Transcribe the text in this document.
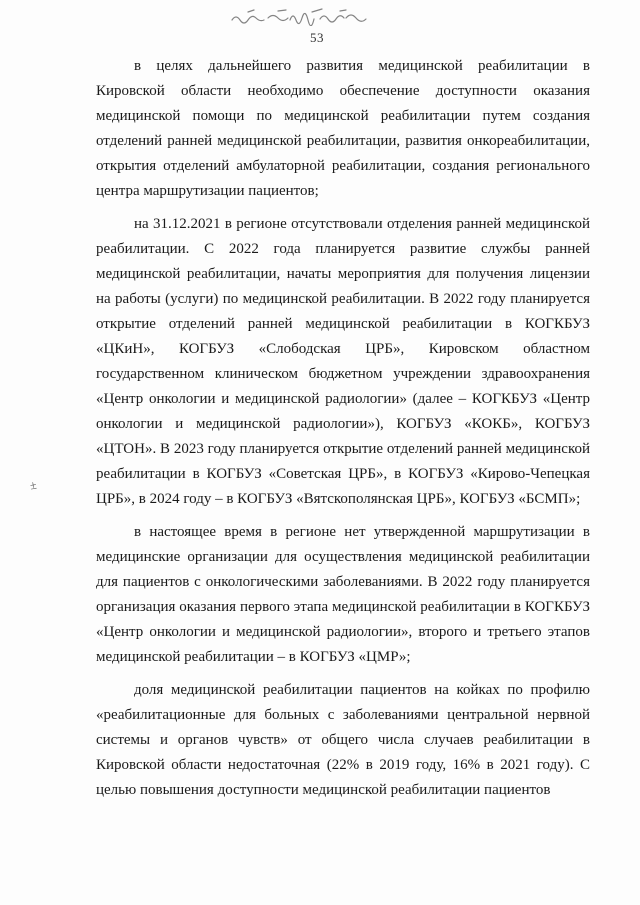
53
±

в целях дальнейшего развития медицинской реабилитации в Кировской области необходимо обеспечение доступности оказания медицинской помощи по медицинской реабилитации путем создания отделений ранней медицинской реабилитации, развития онкореабилитации, открытия отделений амбулаторной реабилитации, создания регионального центра маршрутизации пациентов;

на 31.12.2021 в регионе отсутствовали отделения ранней медицинской реабилитации. С 2022 года планируется развитие службы ранней медицинской реабилитации, начаты мероприятия для получения лицензии на работы (услуги) по медицинской реабилитации. В 2022 году планируется открытие отделений ранней медицинской реабилитации в КОГКБУЗ «ЦКиН», КОГБУЗ «Слободская ЦРБ», Кировском областном государственном клиническом бюджетном учреждении здравоохранения «Центр онкологии и медицинской радиологии» (далее – КОГКБУЗ «Центр онкологии и медицинской радиологии»), КОГБУЗ «КОКБ», КОГБУЗ «ЦТОН». В 2023 году планируется открытие отделений ранней медицинской реабилитации в КОГБУЗ «Советская ЦРБ», в КОГБУЗ «Кирово-Чепецкая ЦРБ», в 2024 году – в КОГБУЗ «Вятскополянская ЦРБ», КОГБУЗ «БСМП»;

в настоящее время в регионе нет утвержденной маршрутизации в медицинские организации для осуществления медицинской реабилитации для пациентов с онкологическими заболеваниями. В 2022 году планируется организация оказания первого этапа медицинской реабилитации в КОГКБУЗ «Центр онкологии и медицинской радиологии», второго и третьего этапов медицинской реабилитации – в КОГБУЗ «ЦМР»;

доля медицинской реабилитации пациентов на койках по профилю «реабилитационные для больных с заболеваниями центральной нервной системы и органов чувств» от общего числа случаев реабилитации в Кировской области недостаточная (22% в 2019 году, 16% в 2021 году). С целью повышения доступности медицинской реабилитации пациентов
